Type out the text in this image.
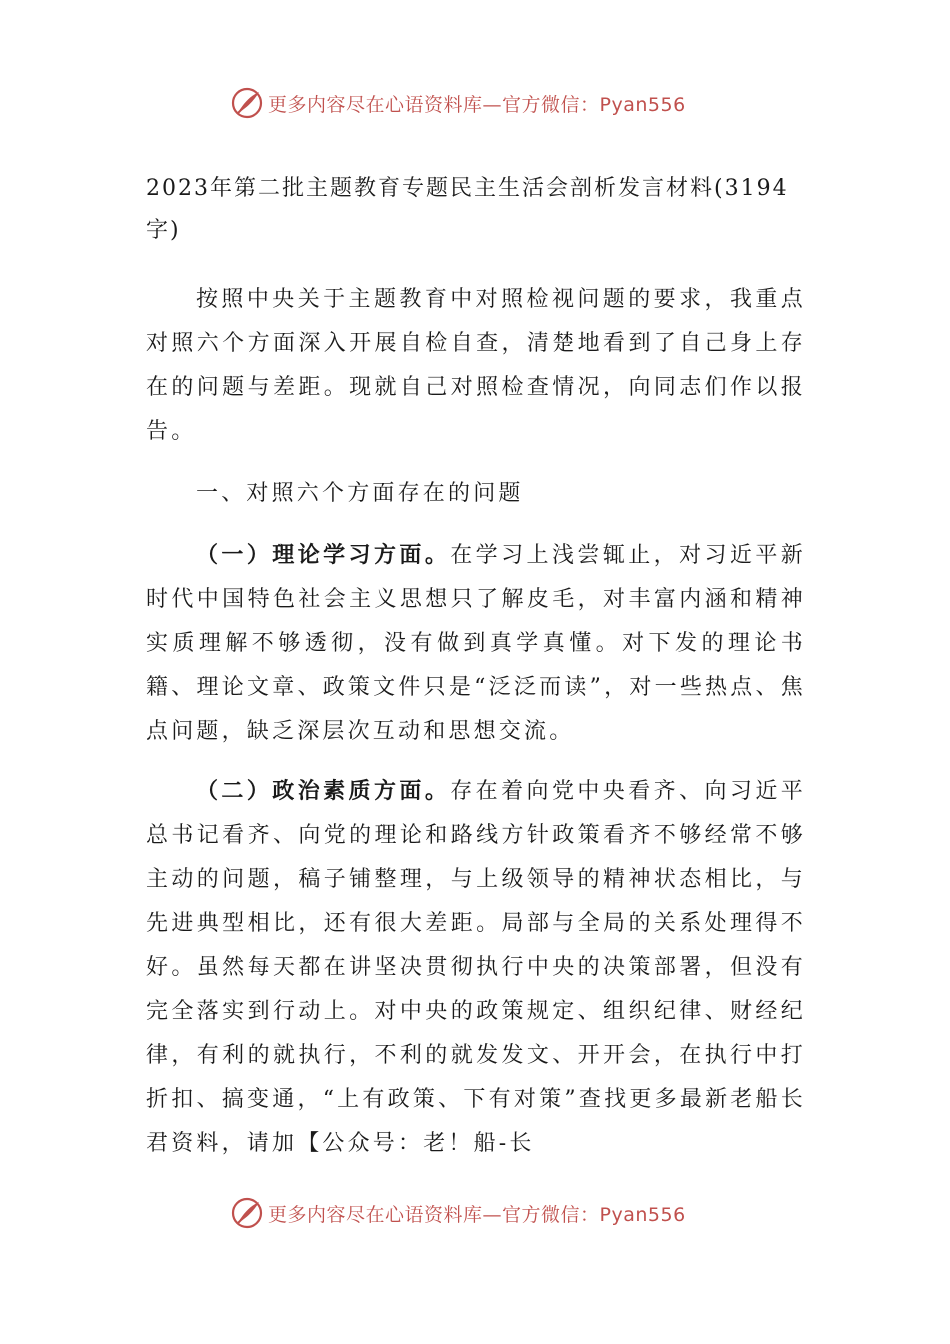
更多内容尽在心语资料库—官方微信：Pyan556

2023年第二批主题教育专题民主生活会剖析发言材料(3194字)

按照中央关于主题教育中对照检视问题的要求，我重点对照六个方面深入开展自检自查，清楚地看到了自己身上存在的问题与差距。现就自己对照检查情况，向同志们作以报告。

一、对照六个方面存在的问题

（一）理论学习方面。在学习上浅尝辄止，对习近平新时代中国特色社会主义思想只了解皮毛，对丰富内涵和精神实质理解不够透彻，没有做到真学真懂。对下发的理论书籍、理论文章、政策文件只是“泛泛而读”，对一些热点、焦点问题，缺乏深层次互动和思想交流。

（二）政治素质方面。存在着向党中央看齐、向习近平总书记看齐、向党的理论和路线方针政策看齐不够经常不够主动的问题，稿子铺整理，与上级领导的精神状态相比，与先进典型相比，还有很大差距。局部与全局的关系处理得不好。虽然每天都在讲坚决贯彻执行中央的决策部署，但没有完全落实到行动上。对中央的政策规定、组织纪律、财经纪律，有利的就执行，不利的就发发文、开开会，在执行中打折扣、搞变通，“上有政策、下有对策”查找更多最新老船长君资料，请加【公众号：老！船-长

更多内容尽在心语资料库—官方微信：Pyan556
